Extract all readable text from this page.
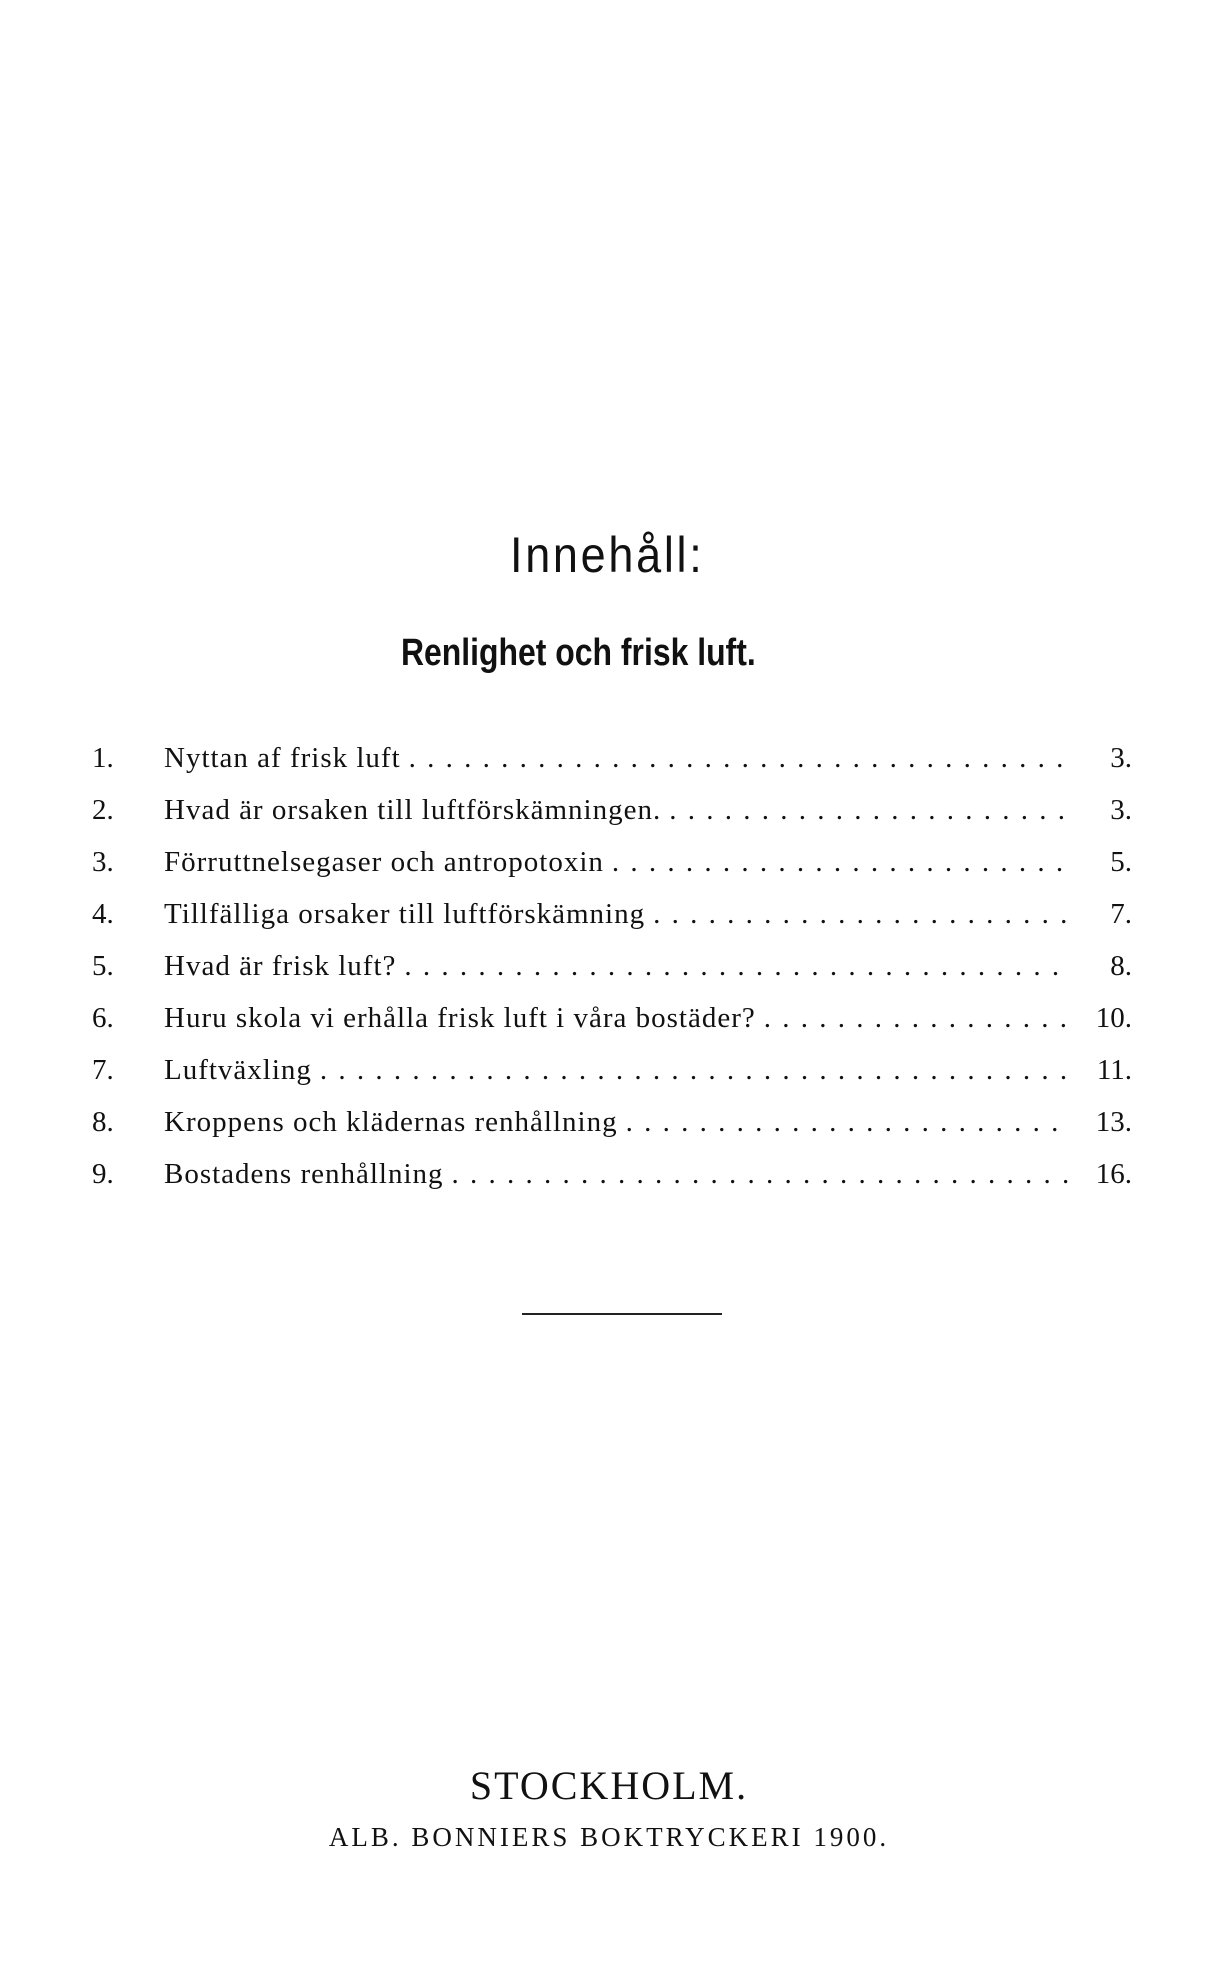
Innehåll:
Renlighet och frisk luft.
1. Nyttan af frisk luft . . .	3.
2. Hvad är orsaken till luftförskämningen. . . .	3.
3. Förruttnelsegaser och antropotoxin . . .	5.
4. Tillfälliga orsaker till luftförskämning . . .	7.
5. Hvad är frisk luft? . . .	8.
6. Huru skola vi erhålla frisk luft i våra bostäder? . . .	10.
7. Luftväxling . . .	11.
8. Kroppens och klädernas renhållning . . .	13.
9. Bostadens renhållning . . .	16.
STOCKHOLM.
ALB. BONNIERS BOKTRYCKERI 1900.
